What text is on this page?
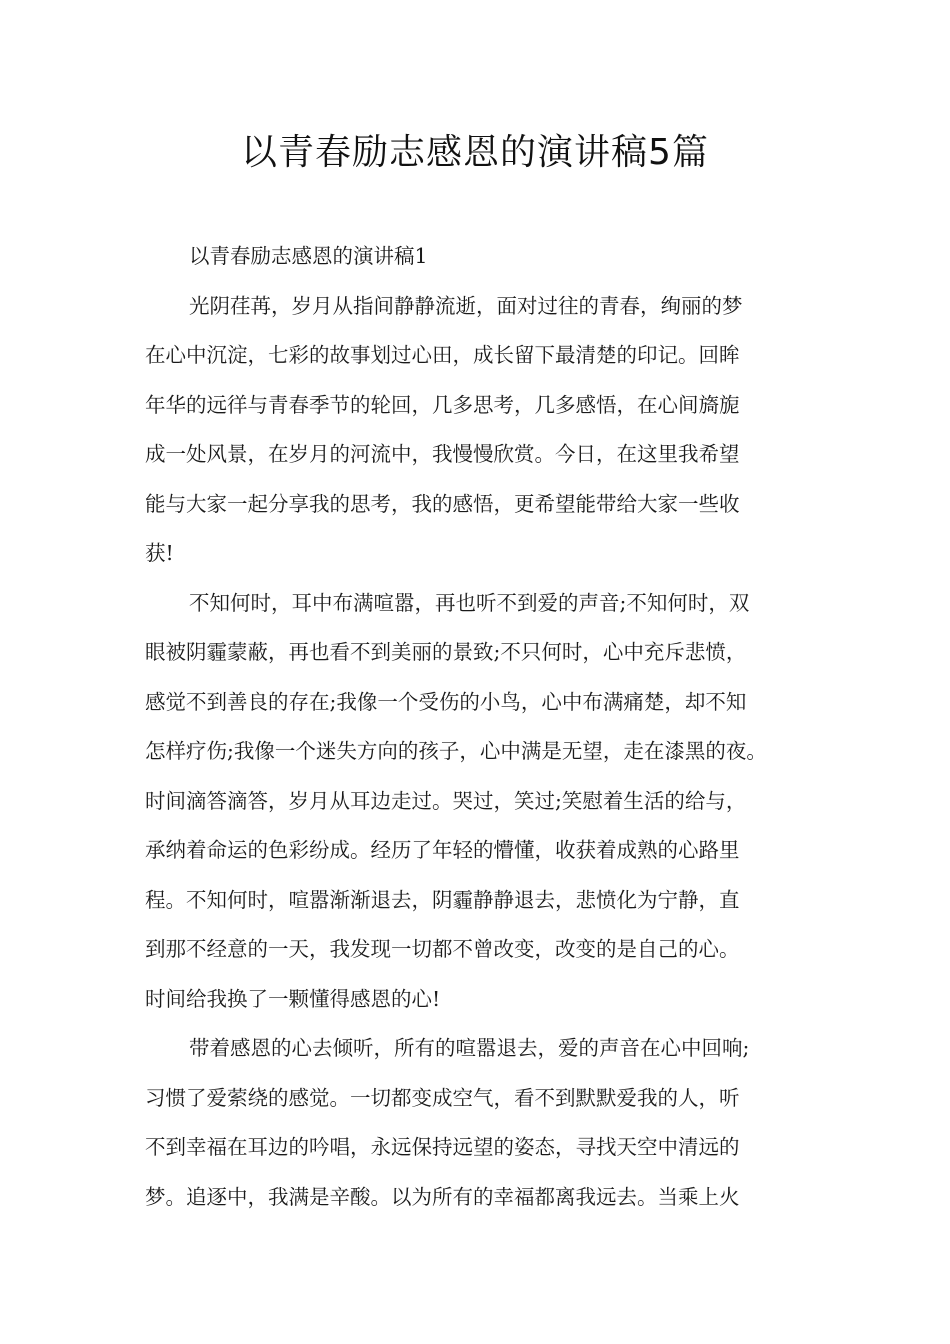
以青春励志感恩的演讲稿5篇

以青春励志感恩的演讲稿1

光阴荏苒，岁月从指间静静流逝，面对过往的青春，绚丽的梦
在心中沉淀，七彩的故事划过心田，成长留下最清楚的印记。回眸
年华的远徉与青春季节的轮回，几多思考，几多感悟，在心间旖旎
成一处风景，在岁月的河流中，我慢慢欣赏。今日，在这里我希望
能与大家一起分享我的思考，我的感悟，更希望能带给大家一些收
获!

不知何时，耳中布满喧嚣，再也听不到爱的声音;不知何时，双
眼被阴霾蒙蔽，再也看不到美丽的景致;不只何时，心中充斥悲愤，
感觉不到善良的存在;我像一个受伤的小鸟，心中布满痛楚，却不知
怎样疗伤;我像一个迷失方向的孩子，心中满是无望，走在漆黑的夜。
时间滴答滴答，岁月从耳边走过。哭过，笑过;笑慰着生活的给与，
承纳着命运的色彩纷成。经历了年轻的懵懂，收获着成熟的心路里
程。不知何时，喧嚣渐渐退去，阴霾静静退去，悲愤化为宁静，直
到那不经意的一天，我发现一切都不曾改变，改变的是自己的心。
时间给我换了一颗懂得感恩的心!

带着感恩的心去倾听，所有的喧嚣退去，爱的声音在心中回响;
习惯了爱萦绕的感觉。一切都变成空气，看不到默默爱我的人，听
不到幸福在耳边的吟唱，永远保持远望的姿态，寻找天空中清远的
梦。追逐中，我满是辛酸。以为所有的幸福都离我远去。当乘上火
